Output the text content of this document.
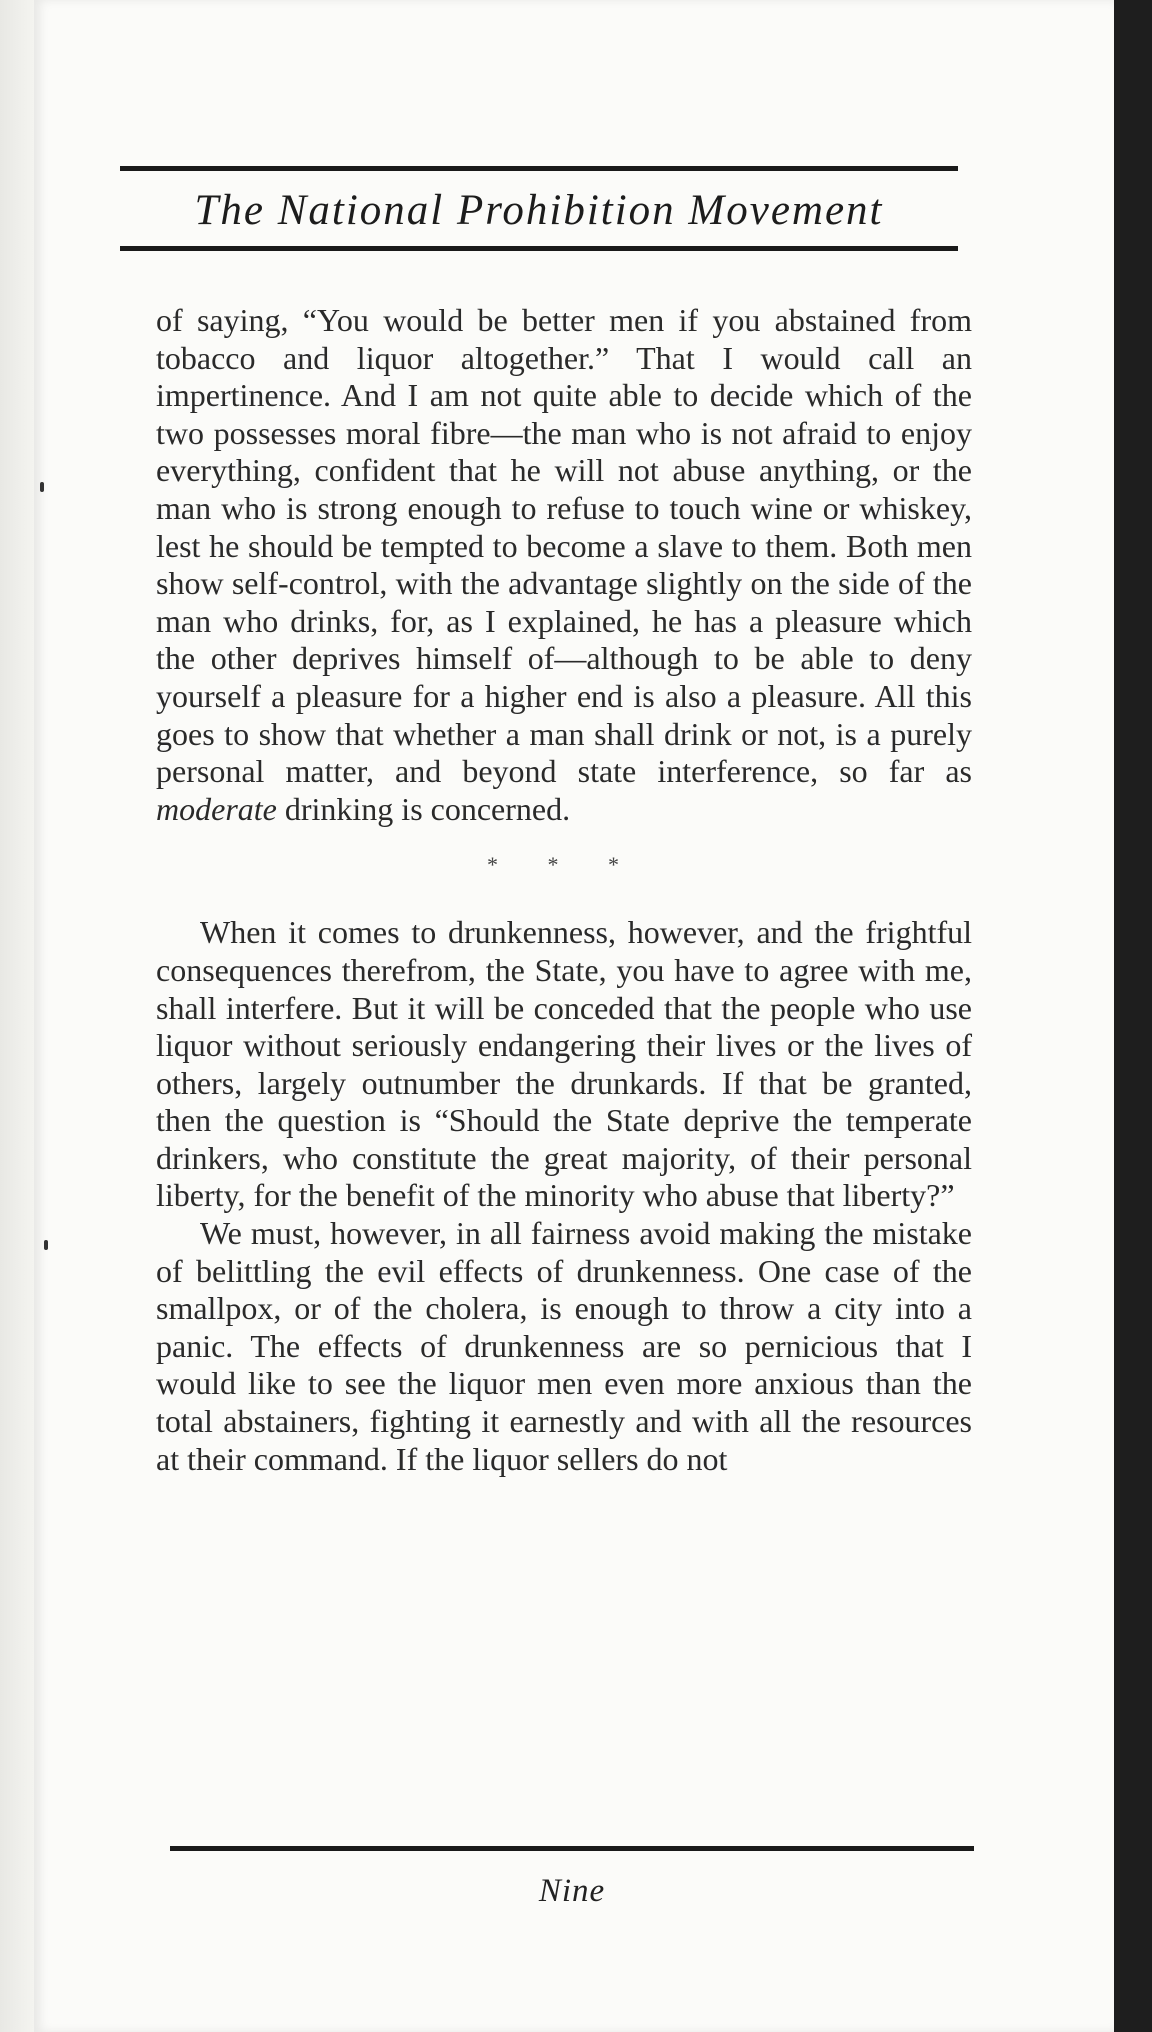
The National Prohibition Movement

of saying, “You would be better men if you abstained from tobacco and liquor altogether.” That I would call an impertinence. And I am not quite able to decide which of the two possesses moral fibre—the man who is not afraid to enjoy everything, confident that he will not abuse anything, or the man who is strong enough to refuse to touch wine or whiskey, lest he should be tempted to become a slave to them. Both men show self-control, with the advantage slightly on the side of the man who drinks, for, as I explained, he has a pleasure which the other deprives himself of—although to be able to deny yourself a pleasure for a higher end is also a pleasure. All this goes to show that whether a man shall drink or not, is a purely personal matter, and beyond state interference, so far as moderate drinking is concerned.

* * *

When it comes to drunkenness, however, and the frightful consequences therefrom, the State, you have to agree with me, shall interfere. But it will be conceded that the people who use liquor without seriously endangering their lives or the lives of others, largely outnumber the drunkards. If that be granted, then the question is “Should the State deprive the temperate drinkers, who constitute the great majority, of their personal liberty, for the benefit of the minority who abuse that liberty?”

We must, however, in all fairness avoid making the mistake of belittling the evil effects of drunkenness. One case of the smallpox, or of the cholera, is enough to throw a city into a panic. The effects of drunkenness are so pernicious that I would like to see the liquor men even more anxious than the total abstainers, fighting it earnestly and with all the resources at their command. If the liquor sellers do not

Nine
